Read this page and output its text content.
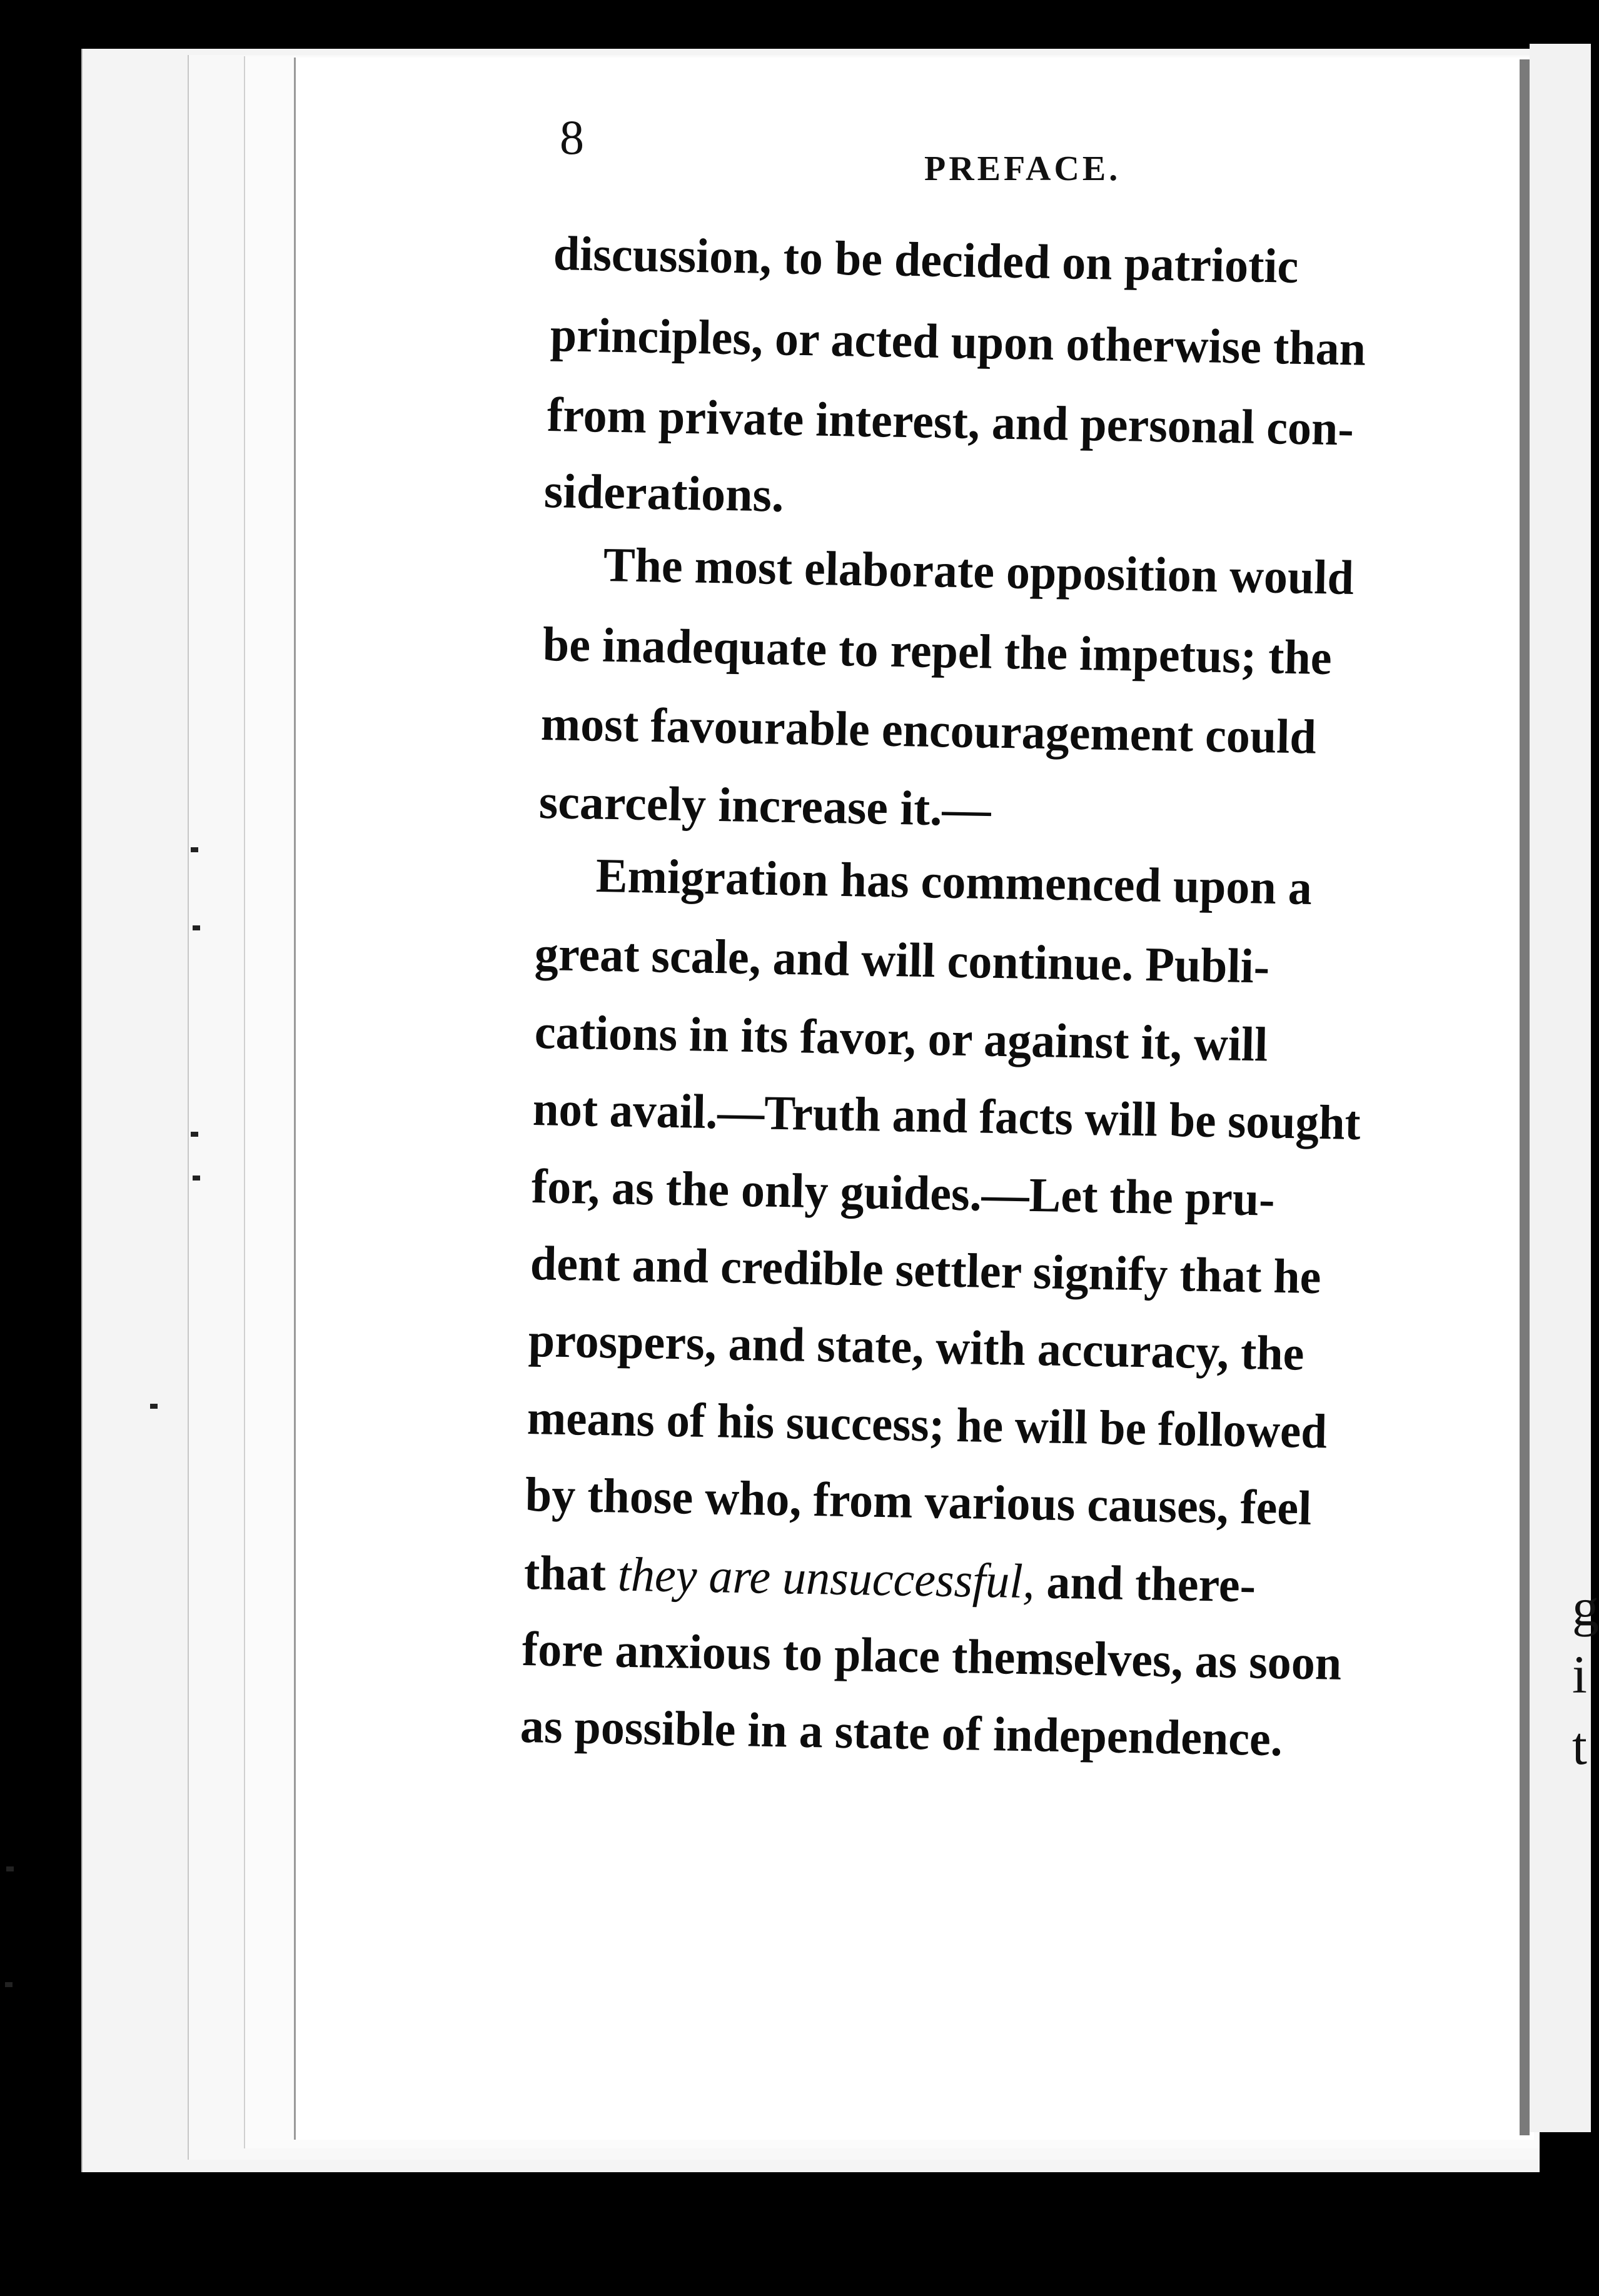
g
i
t
8
PREFACE.
discussion, to be decided on patriotic
principles, or acted upon otherwise than
from private interest, and personal con-
siderations.
The most elaborate opposition would
be inadequate to repel the impetus; the
most favourable encouragement could
scarcely increase it.—
Emigration has commenced upon a
great scale, and will continue. Publi-
cations in its favor, or against it, will
not avail.—Truth and facts will be sought
for, as the only guides.—Let the pru-
dent and credible settler signify that he
prospers, and state, with accuracy, the
means of his success; he will be followed
by those who, from various causes, feel
that they are unsuccessful, and there-
fore anxious to place themselves, as soon
as possible in a state of independence.
